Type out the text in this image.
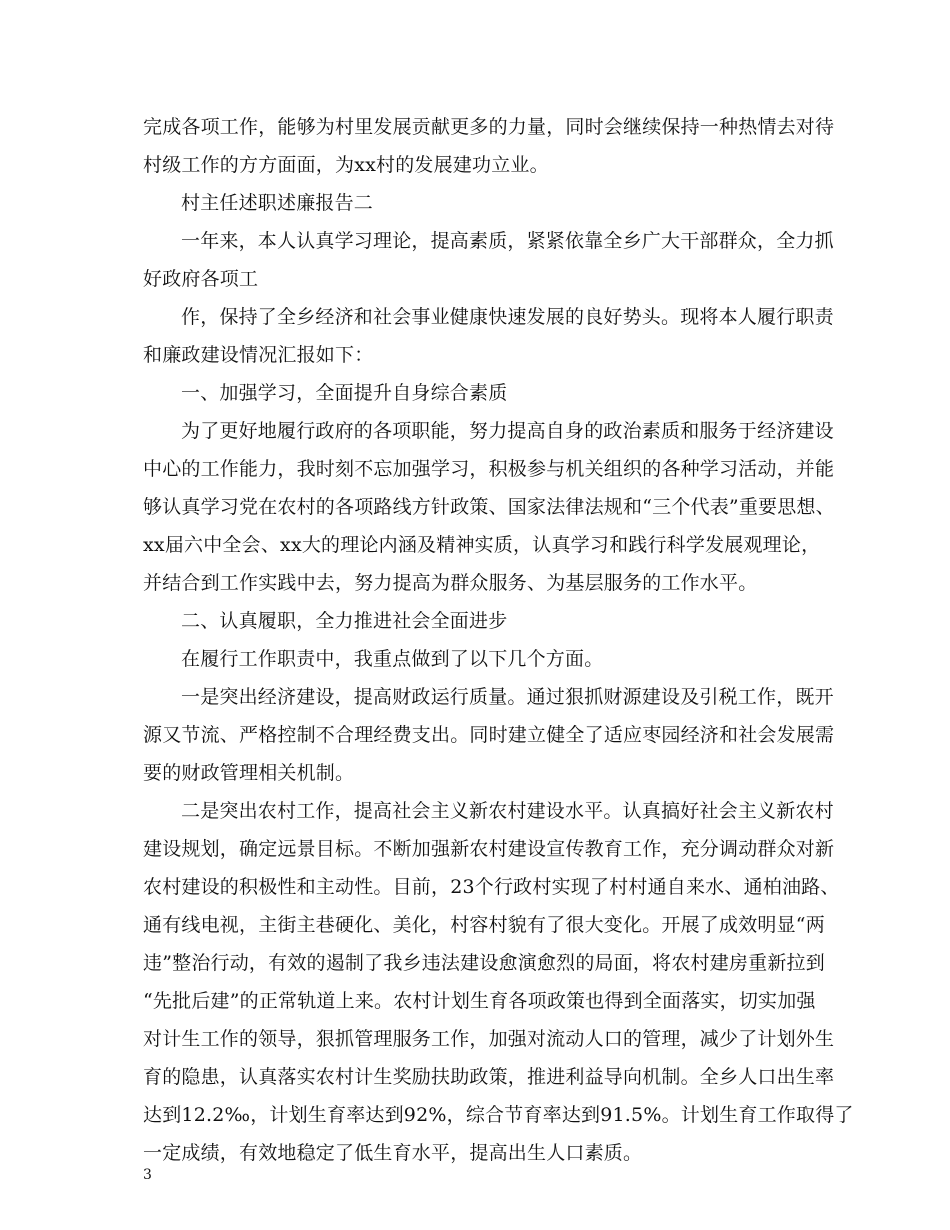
完成各项工作，能够为村里发展贡献更多的力量，同时会继续保持一种热情去对待
村级工作的方方面面，为xx村的发展建功立业。
村主任述职述廉报告二
一年来，本人认真学习理论，提高素质，紧紧依靠全乡广大干部群众，全力抓
好政府各项工
作，保持了全乡经济和社会事业健康快速发展的良好势头。现将本人履行职责
和廉政建设情况汇报如下：
一、加强学习，全面提升自身综合素质
为了更好地履行政府的各项职能，努力提高自身的政治素质和服务于经济建设
中心的工作能力，我时刻不忘加强学习，积极参与机关组织的各种学习活动，并能
够认真学习党在农村的各项路线方针政策、国家法律法规和“三个代表”重要思想、
xx届六中全会、xx大的理论内涵及精神实质，认真学习和践行科学发展观理论，
并结合到工作实践中去，努力提高为群众服务、为基层服务的工作水平。
二、认真履职，全力推进社会全面进步
在履行工作职责中，我重点做到了以下几个方面。
一是突出经济建设，提高财政运行质量。通过狠抓财源建设及引税工作，既开
源又节流、严格控制不合理经费支出。同时建立健全了适应枣园经济和社会发展需
要的财政管理相关机制。
二是突出农村工作，提高社会主义新农村建设水平。认真搞好社会主义新农村
建设规划，确定远景目标。不断加强新农村建设宣传教育工作，充分调动群众对新
农村建设的积极性和主动性。目前，23个行政村实现了村村通自来水、通柏油路、
通有线电视，主街主巷硬化、美化，村容村貌有了很大变化。开展了成效明显“两
违”整治行动，有效的遏制了我乡违法建设愈演愈烈的局面，将农村建房重新拉到
“先批后建”的正常轨道上来。农村计划生育各项政策也得到全面落实，切实加强
对计生工作的领导，狠抓管理服务工作，加强对流动人口的管理，减少了计划外生
育的隐患，认真落实农村计生奖励扶助政策，推进利益导向机制。全乡人口出生率
达到12.2‰，计划生育率达到92%，综合节育率达到91.5%。计划生育工作取得了
一定成绩，有效地稳定了低生育水平，提高出生人口素质。
3
